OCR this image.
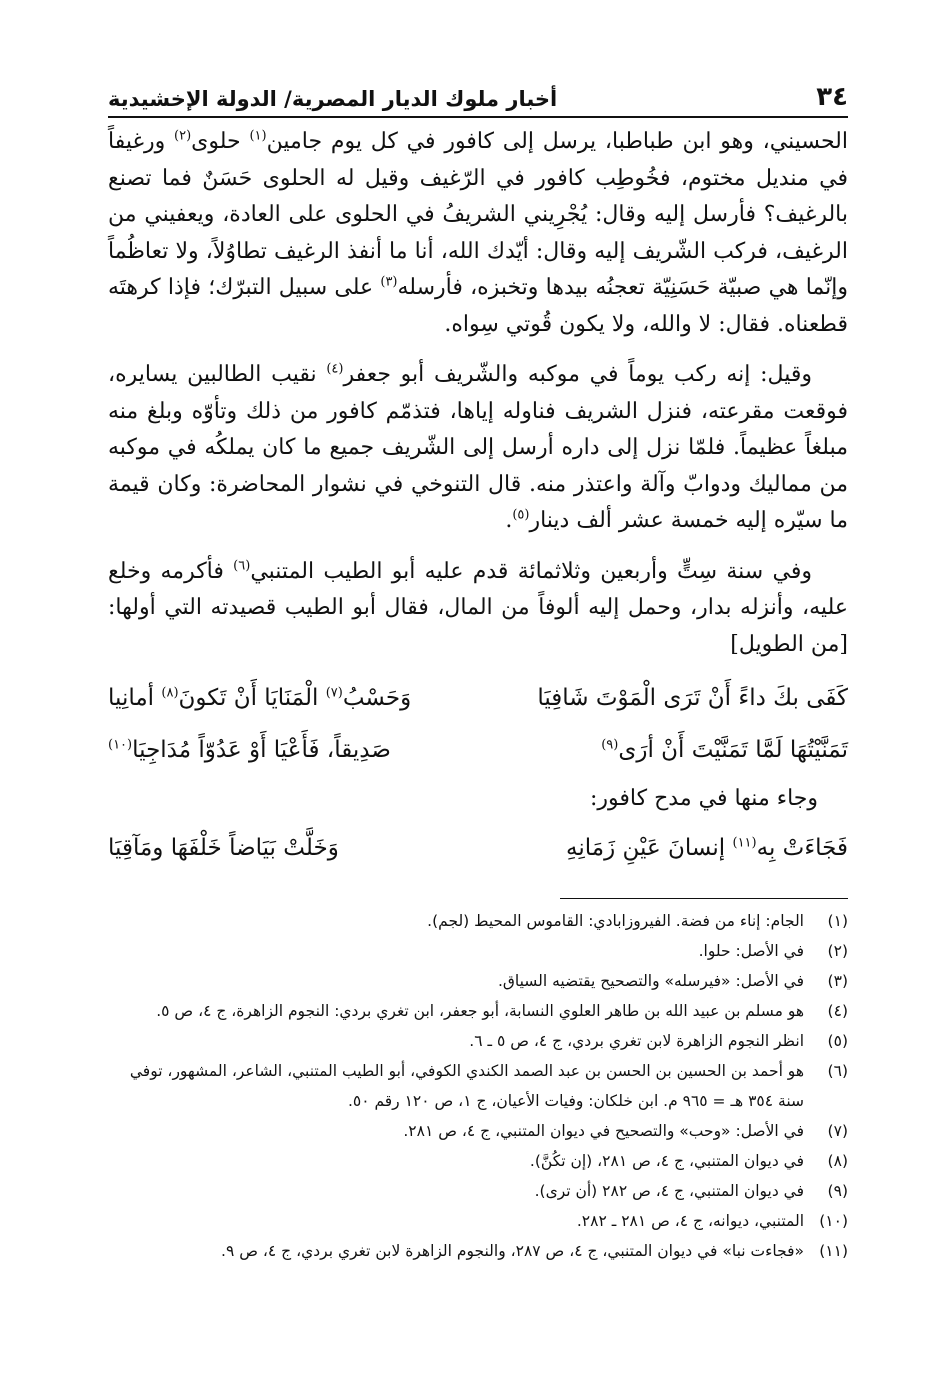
٣٤
أخبار ملوك الديار المصرية/ الدولة الإخشيدية

الحسيني، وهو ابن طباطبا، يرسل إلى كافور في كل يوم جامين$^{(١)}$ حلوى$^{(٢)}$ ورغيفاً في منديل مختوم، فخُوطِب كافور في الرّغيف وقيل له الحلوى حَسَنٌ فما تصنع بالرغيف؟ فأرسل إليه وقال: يُجْرِيني الشريفُ في الحلوى على العادة، ويعفيني من الرغيف، فركب الشّريف إليه وقال: أيّدك الله، أنا ما أنفذ الرغيف تطاوُلاً، ولا تعاظُماً وإنّما هي صبيّة حَسَنِيّة تعجنُه بيدها وتخبزه، فأرسله$^{(٣)}$ على سبيل التبرّك؛ فإذا كرهتَه قطعناه. فقال: لا والله، ولا يكون قُوتي سِواه.

وقيل: إنه ركب يوماً في موكبه والشّريف أبو جعفر$^{(٤)}$ نقيب الطالبين يسايره، فوقعت مقرعته، فنزل الشريف فناوله إياها، فتذمّم كافور من ذلك وتأوّه وبلغ منه مبلغاً عظيماً. فلمّا نزل إلى داره أرسل إلى الشّريف جميع ما كان يملكُه في موكبه من مماليك ودوابّ وآلة واعتذر منه. قال التنوخي في نشوار المحاضرة: وكان قيمة ما سيّره إليه خمسة عشر ألف دينار$^{(٥)}$.

وفي سنة سِتٍّ وأربعين وثلاثمائة قدم عليه أبو الطيب المتنبي$^{(٦)}$ فأكرمه وخلع عليه، وأنزله بدار، وحمل إليه ألوفاً من المال، فقال أبو الطيب قصيدته التي أولها: [من الطويل]

كَفَى بكَ داءً أَنْ تَرَى الْمَوْتَ شَافِيَا
وَحَسْبُ$^{(٧)}$ الْمَنَايَا أَنْ تَكونَ$^{(٨)}$ أمانِيا
تَمَنَّيْتُهَا لَمَّا تَمَنَّيْتَ أَنْ أرَى$^{(٩)}$
صَدِيقاً، فَأَعْيَا أَوْ عَدُوّاً مُدَاجِيَا$^{(١٠)}$
وجاء منها في مدح كافور:
فَجَاءَتْ بِه$^{(١١)}$ إنسانَ عَيْنِ زَمَانِهِ
وَخَلَّتْ بَيَاضاً خَلْفَهَا ومَآقِيَا
(١)
الجام: إناء من فضة. الفيروزابادي: القاموس المحيط (لجم).
(٢)
في الأصل: حلوا.
(٣)
في الأصل: «فيرسله» والتصحيح يقتضيه السياق.
(٤)
هو مسلم بن عبيد الله بن طاهر العلوي النسابة، أبو جعفر، ابن تغري بردي: النجوم الزاهرة، ج ٤، ص ٥.
(٥)
انظر النجوم الزاهرة لابن تغري بردي، ج ٤، ص ٥ ـ ٦.
(٦)
هو أحمد بن الحسين بن الحسن بن عبد الصمد الكندي الكوفي، أبو الطيب المتنبي، الشاعر، المشهور، توفي سنة ٣٥٤ هـ = ٩٦٥ م. ابن خلكان: وفيات الأعيان، ج ١، ص ١٢٠ رقم ٥٠.
(٧)
في الأصل: «وحب» والتصحيح في ديوان المتنبي، ج ٤، ص ٢٨١.
(٨)
في ديوان المتنبي، ج ٤، ص ٢٨١، (إن تكُنَّ).
(٩)
في ديوان المتنبي، ج ٤، ص ٢٨٢ (أن ترى).
(١٠)
المتنبي، ديوانه، ج ٤، ص ٢٨١ ـ ٢٨٢.
(١١)
«فجاءت نبا» في ديوان المتنبي، ج ٤، ص ٢٨٧، والنجوم الزاهرة لابن تغري بردي، ج ٤، ص ٩.
